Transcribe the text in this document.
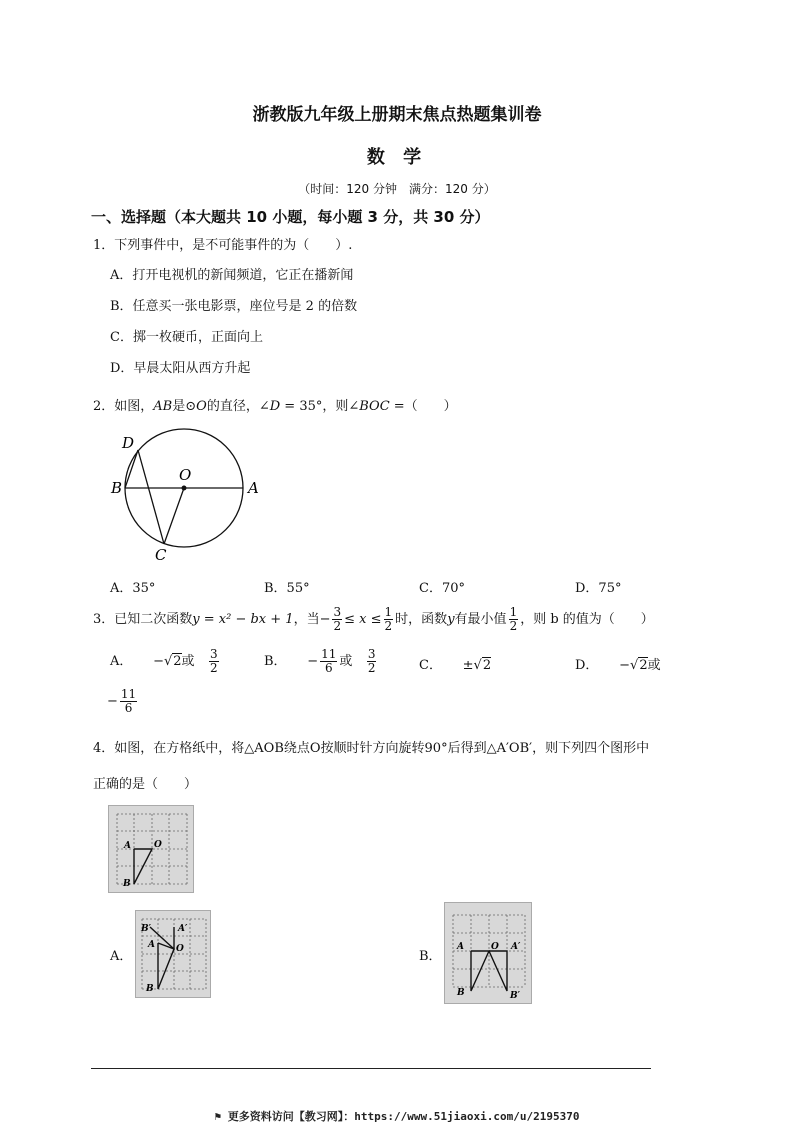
浙教版九年级上册期末焦点热题集训卷
数 学
（时间：120 分钟　满分：120 分）
一、选择题（本大题共 10 小题，每小题 3 分，共 30 分）
1．下列事件中，是不可能事件的为（　　）.
A．打开电视机的新闻频道，它正在播新闻
B．任意买一张电影票，座位号是 2 的倍数
C．掷一枚硬币，正面向上
D．早晨太阳从西方升起
2．如图，AB是⊙O的直径，∠D = 35°，则∠BOC =（　　）
D
O
B	A
C
A．35°	B．55°	C．70°	D．75°
3．已知二次函数y = x² − bx + 1，当− $\frac{3}{2} \le x \le \frac{1}{2}$ 时，函数y有最小值 $\frac{1}{2}$ ，则 b 的值为（　　）
A． −√2或 $\frac{3}{2}$	B． − $\frac{11}{6}$ 或 $\frac{3}{2}$	C． ±√2	D． −√2或
− $\frac{11}{6}$
4．如图，在方格纸中，将△AOB绕点O按顺时针方向旋转90°后得到△A′OB′，则下列四个图形中
正确的是（　　）
A	O
B
A．
B′	A′
A O
B
B．
A	O A′
B	B′
⚑ 更多资料访问【教习网】：https://www.51jiaoxi.com/u/2195370
